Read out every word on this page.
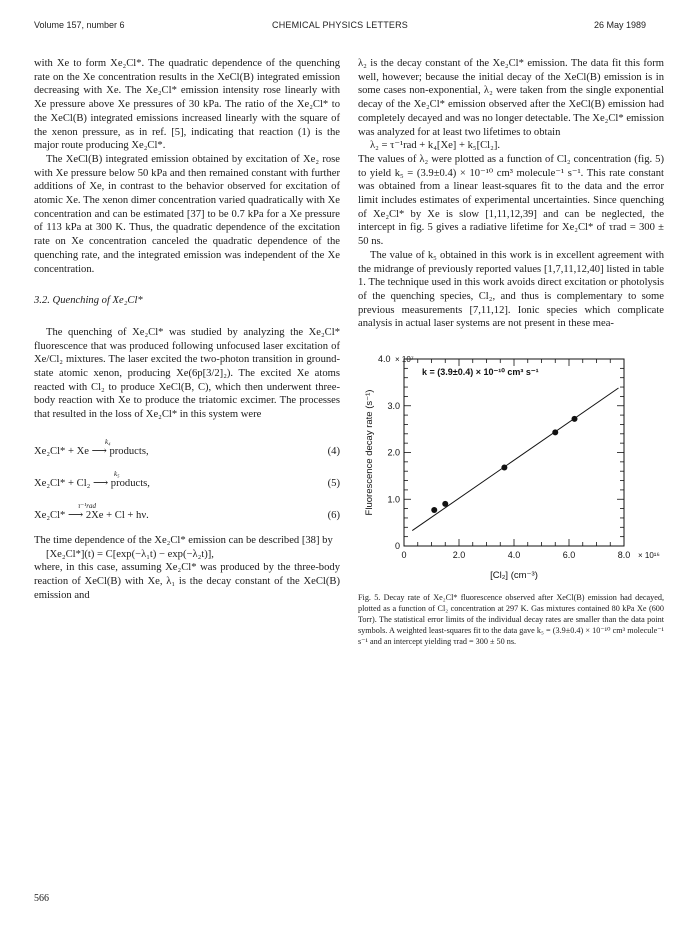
Volume 157, number 6	CHEMICAL PHYSICS LETTERS	26 May 1989

with Xe to form Xe₂Cl*. The quadratic dependence of the quenching rate on the Xe concentration results in the XeCl(B) integrated emission decreasing with Xe. The Xe₂Cl* emission intensity rose linearly with Xe pressure above Xe pressures of 30 kPa. The ratio of the Xe₂Cl* to the XeCl(B) integrated emissions increased linearly with the square of the xenon pressure, as in ref. [5], indicating that reaction (1) is the major route producing Xe₂Cl*.

The XeCl(B) integrated emission obtained by excitation of Xe₂ rose with Xe pressure below 50 kPa and then remained constant with further additions of Xe, in contrast to the behavior observed for excitation of atomic Xe. The xenon dimer concentration varied quadratically with Xe concentration and can be estimated [37] to be 0.7 kPa for a Xe pressure of 113 kPa at 300 K. Thus, the quadratic dependence of the excitation rate on Xe concentration canceled the quadratic dependence of the quenching rate, and the integrated emission was independent of the Xe concentration.

3.2. Quenching of Xe₂Cl*

The quenching of Xe₂Cl* was studied by analyzing the Xe₂Cl* fluorescence that was produced following unfocused laser excitation of Xe/Cl₂ mixtures. The laser excited the two-photon transition in ground-state atomic xenon, producing Xe(6p[3/2]₂). The excited Xe atoms reacted with Cl₂ to produce XeCl(B, C), which then underwent three-body reaction with Xe to produce the triatomic excimer. The processes that resulted in the loss of Xe₂Cl* in this system were

k₄
Xe₂Cl* + Xe ⟶ products,	(4)
k₅
Xe₂Cl* + Cl₂ ⟶ products,	(5)
τ⁻¹rad
Xe₂Cl* ⟶ 2Xe + Cl + hν.	(6)

The time dependence of the Xe₂Cl* emission can be described [38] by

[Xe₂Cl*](t) = C[exp(−λ₁t) − exp(−λ₂t)],

where, in this case, assuming Xe₂Cl* was produced by the three-body reaction of XeCl(B) with Xe, λ₁ is the decay constant of the XeCl(B) emission and

λ₂ is the decay constant of the Xe₂Cl* emission. The data fit this form well, however; because the initial decay of the XeCl(B) emission is in some cases non-exponential, λ₂ were taken from the single exponential decay of the Xe₂Cl* emission observed after the XeCl(B) emission had completely decayed and was no longer detectable. The Xe₂Cl* emission was analyzed for at least two lifetimes to obtain

λ₂ = τ⁻¹rad + k₄[Xe] + k₅[Cl₂].

The values of λ₂ were plotted as a function of Cl₂ concentration (fig. 5) to yield k₅ = (3.9±0.4) × 10⁻¹⁰ cm³ molecule⁻¹ s⁻¹. This rate constant was obtained from a linear least-squares fit to the data and the error limit includes estimates of experimental uncertainties. Since quenching of Xe₂Cl* by Xe is slow [1,11,12,39] and can be neglected, the intercept in fig. 5 gives a radiative lifetime for Xe₂Cl* of τrad = 300 ± 50 ns.

The value of k₅ obtained in this work is in excellent agreement with the midrange of previously reported values [1,7,11,12,40] listed in table 1. The technique used in this work avoids direct excitation or photolysis of the quenching species, Cl₂, and thus is complementary to some previous measurements [7,11,12]. Ionic species which complicate analysis in actual laser systems are not present in these mea-

0	2.0	4.0	6.0	8.0 × 10¹⁶
0
1.0
2.0
3.0
4.0 × 10⁷
[Cl₂] (cm⁻³)
Fluorescence decay rate (s⁻¹)
k = (3.9±0.4) × 10⁻¹⁰ cm³ s⁻¹
Fig. 5. Decay rate of Xe₂Cl* fluorescence observed after XeCl(B) emission had decayed, plotted as a function of Cl₂ concentration at 297 K. Gas mixtures contained 80 kPa Xe (600 Torr). The statistical error limits of the individual decay rates are smaller than the data point symbols. A weighted least-squares fit to the data gave k₅ = (3.9±0.4) × 10⁻¹⁰ cm³ molecule⁻¹ s⁻¹ and an intercept yielding τrad = 300 ± 50 ns.
566
